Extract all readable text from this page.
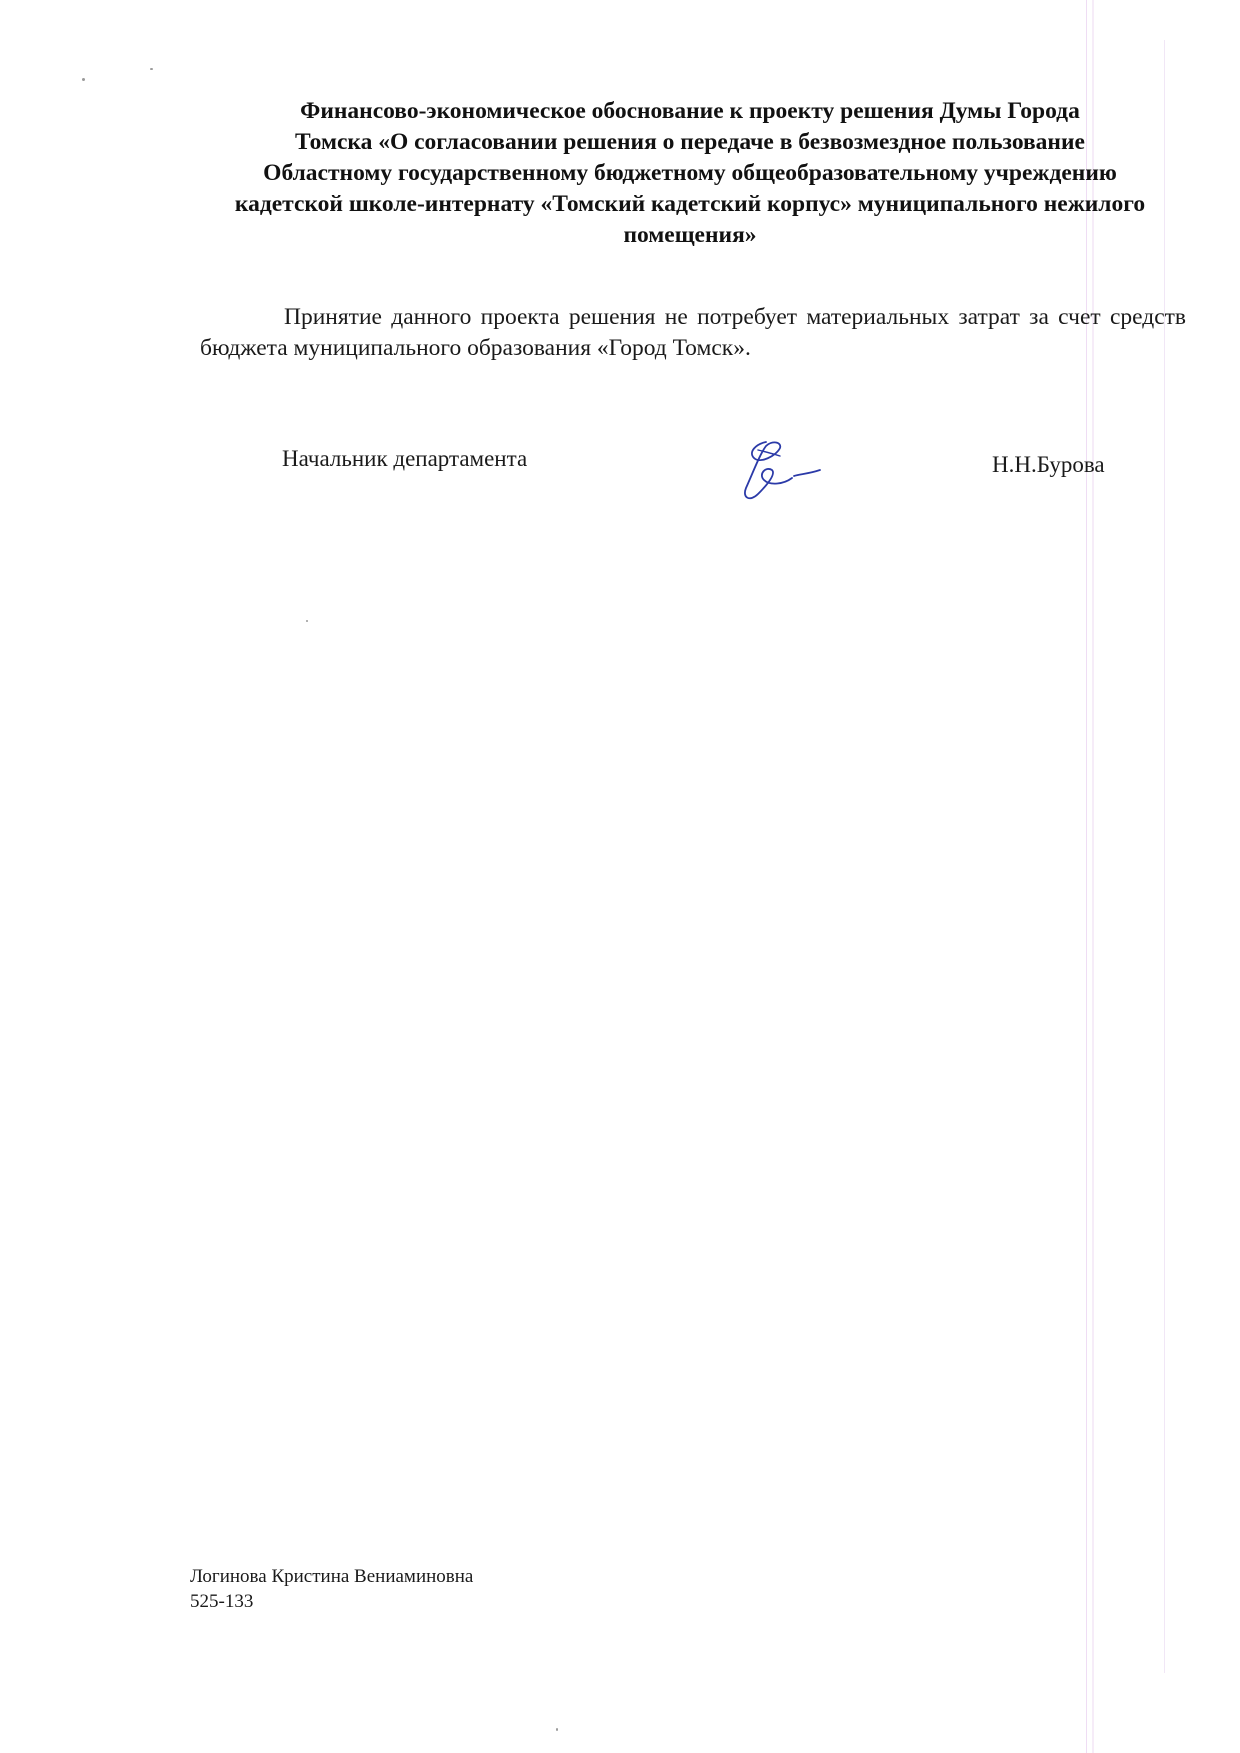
Финансово-экономическое обоснование к проекту решения Думы Города
Томска «О согласовании решения о передаче в безвозмездное пользование
Областному государственному бюджетному общеобразовательному учреждению
кадетской школе-интернату «Томский кадетский корпус» муниципального нежилого
помещения»

Принятие данного проекта решения не потребует материальных затрат за счет средств бюджета муниципального образования «Город Томск».

Начальник департамента	Н.Н.Бурова
Логинова Кристина Вениаминовна
525-133
